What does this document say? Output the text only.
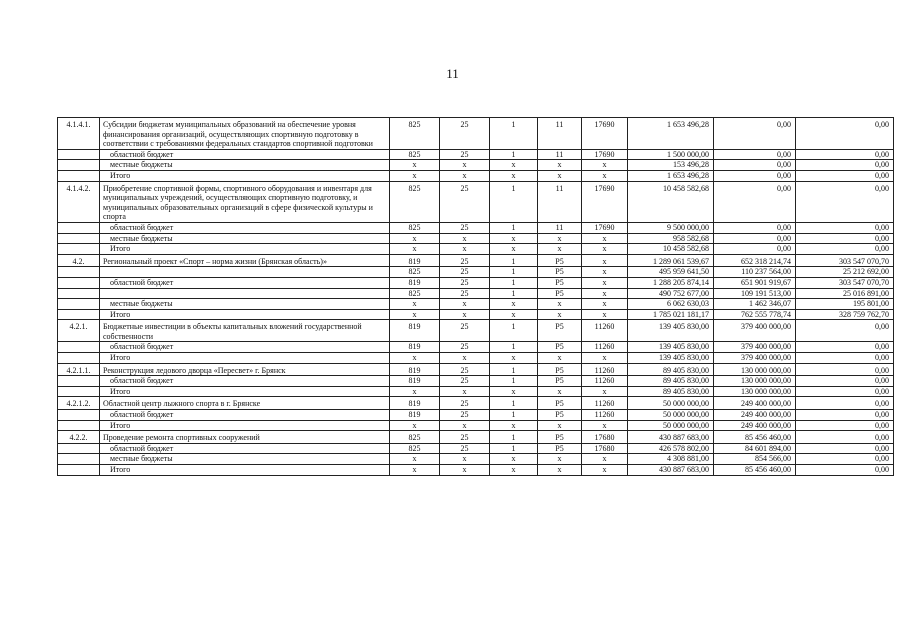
11
4.1.4.1.	Субсидии бюджетам муниципальных образований на обеспечение уровня финансирования организаций, осуществляющих спортивную подготовку в соответствии с требованиями федеральных стандартов спортивной подготовки	825	25	1	11	17690	1 653 496,28	0,00	0,00
	областной бюджет	825	25	1	11	17690	1 500 000,00	0,00	0,00
	местные бюджеты	x	x	x	x	x	153 496,28	0,00	0,00
	Итого	x	x	x	x	x	1 653 496,28	0,00	0,00
4.1.4.2.	Приобретение спортивной формы, спортивного оборудования и инвентаря для муниципальных учреждений, осуществляющих спортивную подготовку, и муниципальных образовательных организаций в сфере физической культуры и спорта	825	25	1	11	17690	10 458 582,68	0,00	0,00
	областной бюджет	825	25	1	11	17690	9 500 000,00	0,00	0,00
	местные бюджеты	x	x	x	x	x	958 582,68	0,00	0,00
	Итого	x	x	x	x	x	10 458 582,68	0,00	0,00
4.2.	Региональный проект «Спорт – норма жизни (Брянская область)»	819	25	1	P5	x	1 289 061 539,67	652 318 214,74	303 547 070,70
		825	25	1	P5	x	495 959 641,50	110 237 564,00	25 212 692,00
	областной бюджет	819	25	1	P5	x	1 288 205 874,14	651 901 919,67	303 547 070,70
		825	25	1	P5	x	490 752 677,00	109 191 513,00	25 016 891,00
	местные бюджеты	x	x	x	x	x	6 062 630,03	1 462 346,07	195 801,00
	Итого	x	x	x	x	x	1 785 021 181,17	762 555 778,74	328 759 762,70
4.2.1.	Бюджетные инвестиции в объекты капитальных вложений государственной собственности	819	25	1	P5	11260	139 405 830,00	379 400 000,00	0,00
	областной бюджет	819	25	1	P5	11260	139 405 830,00	379 400 000,00	0,00
	Итого	x	x	x	x	x	139 405 830,00	379 400 000,00	0,00
4.2.1.1.	Реконструкция ледового дворца «Пересвет» г. Брянск	819	25	1	P5	11260	89 405 830,00	130 000 000,00	0,00
	областной бюджет	819	25	1	P5	11260	89 405 830,00	130 000 000,00	0,00
	Итого	x	x	x	x	x	89 405 830,00	130 000 000,00	0,00
4.2.1.2.	Областной центр лыжного спорта в г. Брянске	819	25	1	P5	11260	50 000 000,00	249 400 000,00	0,00
	областной бюджет	819	25	1	P5	11260	50 000 000,00	249 400 000,00	0,00
	Итого	x	x	x	x	x	50 000 000,00	249 400 000,00	0,00
4.2.2.	Проведение ремонта спортивных сооружений	825	25	1	P5	17680	430 887 683,00	85 456 460,00	0,00
	областной бюджет	825	25	1	P5	17680	426 578 802,00	84 601 894,00	0,00
	местные бюджеты	x	x	x	x	x	4 308 881,00	854 566,00	0,00
	Итого	x	x	x	x	x	430 887 683,00	85 456 460,00	0,00
